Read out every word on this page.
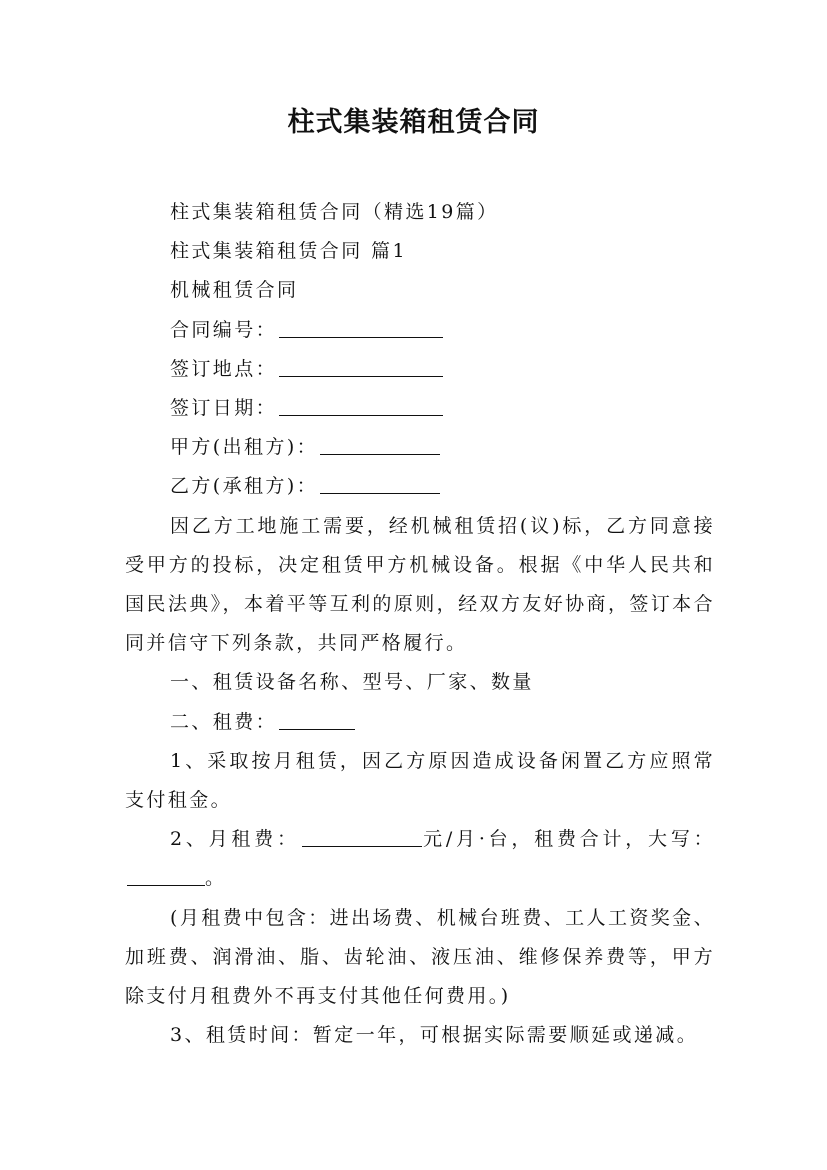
柱式集装箱租赁合同

柱式集装箱租赁合同（精选19篇）

柱式集装箱租赁合同 篇1

机械租赁合同

合同编号：

签订地点：

签订日期：

甲方(出租方)：

乙方(承租方)：

因乙方工地施工需要，经机械租赁招(议)标，乙方同意接受甲方的投标，决定租赁甲方机械设备。根据《中华人民共和国民法典》，本着平等互利的原则，经双方友好协商，签订本合同并信守下列条款，共同严格履行。

一、租赁设备名称、型号、厂家、数量

二、租费：

1、采取按月租赁，因乙方原因造成设备闲置乙方应照常支付租金。

2、月租费：	元/月·台，租费合计，大写：。

(月租费中包含：进出场费、机械台班费、工人工资奖金、加班费、润滑油、脂、齿轮油、液压油、维修保养费等，甲方除支付月租费外不再支付其他任何费用。)

3、租赁时间：暂定一年，可根据实际需要顺延或递减。
